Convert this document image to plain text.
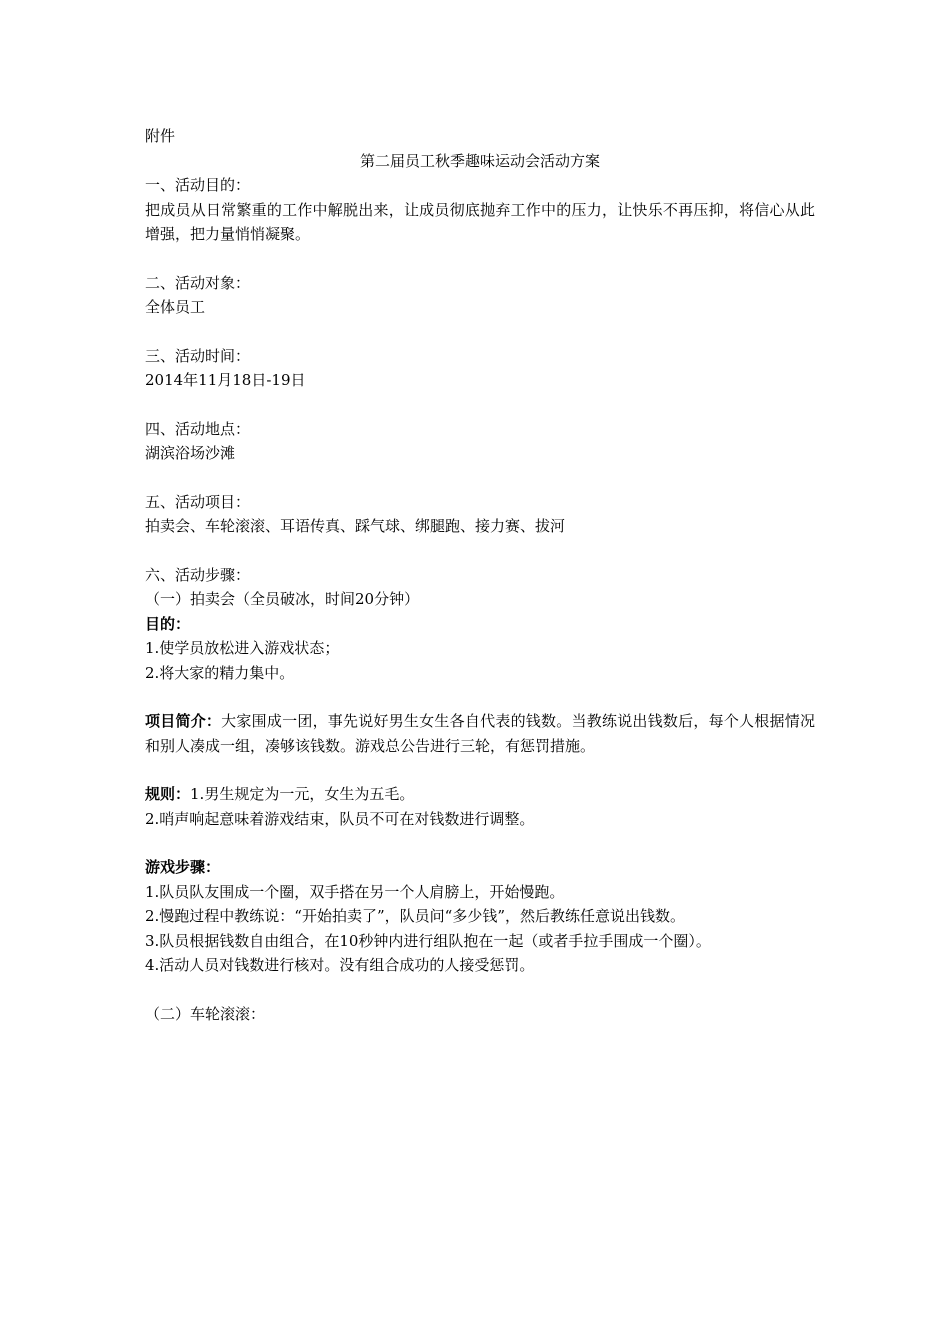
附件
第二届员工秋季趣味运动会活动方案
一、活动目的：
把成员从日常繁重的工作中解脱出来，让成员彻底抛弃工作中的压力，让快乐不再压抑，将信心从此增强，把力量悄悄凝聚。
二、活动对象：
全体员工
三、活动时间：
2014年11月18日-19日
四、活动地点：
湖滨浴场沙滩
五、活动项目：
拍卖会、车轮滚滚、耳语传真、踩气球、绑腿跑、接力赛、拔河
六、活动步骤：
（一）拍卖会（全员破冰，时间20分钟）
目的：
1.使学员放松进入游戏状态；
2.将大家的精力集中。
项目简介：大家围成一团，事先说好男生女生各自代表的钱数。当教练说出钱数后，每个人根据情况和别人凑成一组，凑够该钱数。游戏总公告进行三轮，有惩罚措施。
规则：1.男生规定为一元，女生为五毛。
2.哨声响起意味着游戏结束，队员不可在对钱数进行调整。
游戏步骤：
1.队员队友围成一个圈，双手搭在另一个人肩膀上，开始慢跑。
2.慢跑过程中教练说：“开始拍卖了”，队员问“多少钱”，然后教练任意说出钱数。
3.队员根据钱数自由组合，在10秒钟内进行组队抱在一起（或者手拉手围成一个圈）。
4.活动人员对钱数进行核对。没有组合成功的人接受惩罚。
（二）车轮滚滚：
